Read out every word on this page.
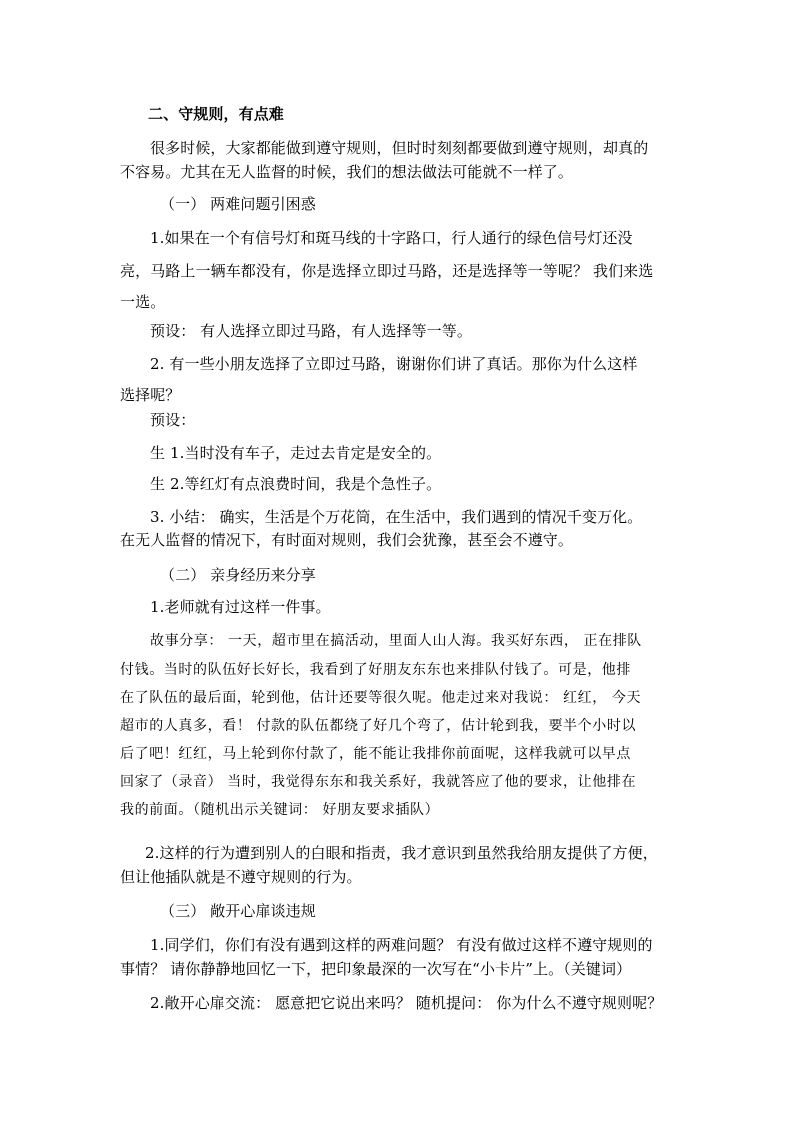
二、守规则，有点难
很多时候，大家都能做到遵守规则，但时时刻刻都要做到遵守规则，却真的
不容易。尤其在无人监督的时候，我们的想法做法可能就不一样了。
（一） 两难问题引困惑
1.如果在一个有信号灯和斑马线的十字路口，行人通行的绿色信号灯还没
亮，马路上一辆车都没有，你是选择立即过马路，还是选择等一等呢？ 我们来选
一选。
预设： 有人选择立即过马路，有人选择等一等。
2. 有一些小朋友选择了立即过马路，谢谢你们讲了真话。那你为什么这样
选择呢？
预设：
生 1.当时没有车子，走过去肯定是安全的。
生 2.等红灯有点浪费时间，我是个急性子。
3. 小结： 确实，生活是个万花筒，在生活中，我们遇到的情况千变万化。
在无人监督的情况下，有时面对规则，我们会犹豫，甚至会不遵守。
（二） 亲身经历来分享
1.老师就有过这样一件事。
故事分享： 一天，超市里在搞活动，里面人山人海。我买好东西， 正在排队
付钱。当时的队伍好长好长，我看到了好朋友东东也来排队付钱了。可是，他排
在了队伍的最后面，轮到他，估计还要等很久呢。他走过来对我说： 红红， 今天
超市的人真多，看！ 付款的队伍都绕了好几个弯了，估计轮到我，要半个小时以
后了吧！红红，马上轮到你付款了，能不能让我排你前面呢，这样我就可以早点
回家了（录音） 当时，我觉得东东和我关系好，我就答应了他的要求，让他排在
我的前面。（随机出示关键词： 好朋友要求插队）
2.这样的行为遭到别人的白眼和指责，我才意识到虽然我给朋友提供了方便，
但让他插队就是不遵守规则的行为。
（三） 敞开心扉谈违规
1.同学们，你们有没有遇到这样的两难问题？ 有没有做过这样不遵守规则的
事情？ 请你静静地回忆一下，把印象最深的一次写在“小卡片”上。（关键词）
2.敞开心扉交流： 愿意把它说出来吗？ 随机提问： 你为什么不遵守规则呢？
